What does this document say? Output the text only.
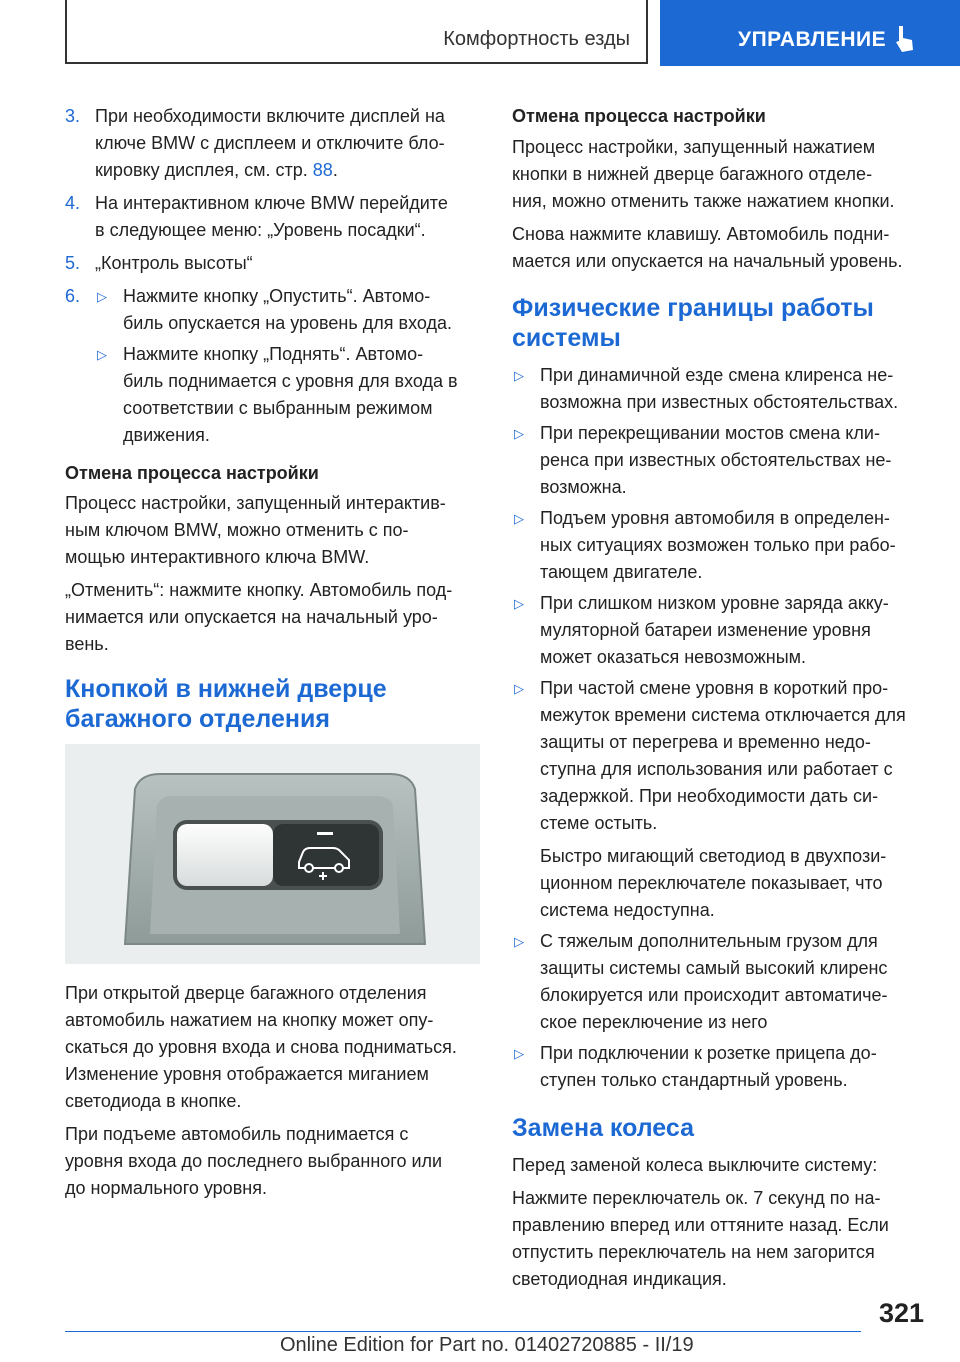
Комфортность езды	УПРАВЛЕНИЕ
3. При необходимости включите дисплей на

ключе BMW с дисплеем и отключите бло-

кировку дисплея, см. стр. 88.

4. На интерактивном ключе BMW перейдите

в следующее меню: „Уровень посадки“.

5. „Контроль высоты“

6. ▷ Нажмите кнопку „Опустить“. Автомо-

биль опускается на уровень для входа.

▷ Нажмите кнопку „Поднять“. Автомо-

биль поднимается с уровня для входа в

соответствии с выбранным режимом

движения.

Отмена процесса настройки

Процесс настройки, запущенный интерактив-

ным ключом BMW, можно отменить с по-

мощью интерактивного ключа BMW.

„Отменить“: нажмите кнопку. Автомобиль под-

нимается или опускается на начальный уро-

вень.

Кнопкой в нижней дверце

багажного отделения

При открытой дверце багажного отделения

автомобиль нажатием на кнопку может опу-

скаться до уровня входа и снова подниматься.

Изменение уровня отображается миганием

светодиода в кнопке.

При подъеме автомобиль поднимается с

уровня входа до последнего выбранного или

до нормального уровня.

Отмена процесса настройки

Процесс настройки, запущенный нажатием

кнопки в нижней дверце багажного отделе-

ния, можно отменить также нажатием кнопки.

Снова нажмите клавишу. Автомобиль подни-

мается или опускается на начальный уровень.

Физические границы работы

системы

▷ При динамичной езде смена клиренса не-

возможна при известных обстоятельствах.

▷ При перекрещивании мостов смена кли-

ренса при известных обстоятельствах не-

возможна.

▷ Подъем уровня автомобиля в определен-

ных ситуациях возможен только при рабо-

тающем двигателе.

▷ При слишком низком уровне заряда акку-

муляторной батареи изменение уровня

может оказаться невозможным.

▷ При частой смене уровня в короткий про-

межуток времени система отключается для

защиты от перегрева и временно недо-

ступна для использования или работает с

задержкой. При необходимости дать си-

стеме остыть.

Быстро мигающий светодиод в двухпози-

ционном переключателе показывает, что

система недоступна.

▷ С тяжелым дополнительным грузом для

защиты системы самый высокий клиренс

блокируется или происходит автоматиче-

ское переключение из него

▷ При подключении к розетке прицепа до-

ступен только стандартный уровень.

Замена колеса

Перед заменой колеса выключите систему:

Нажмите переключатель ок. 7 секунд по на-

правлению вперед или оттяните назад. Если

отпустить переключатель на нем загорится

светодиодная индикация.

321
Online Edition for Part no. 01402720885 - II/19
